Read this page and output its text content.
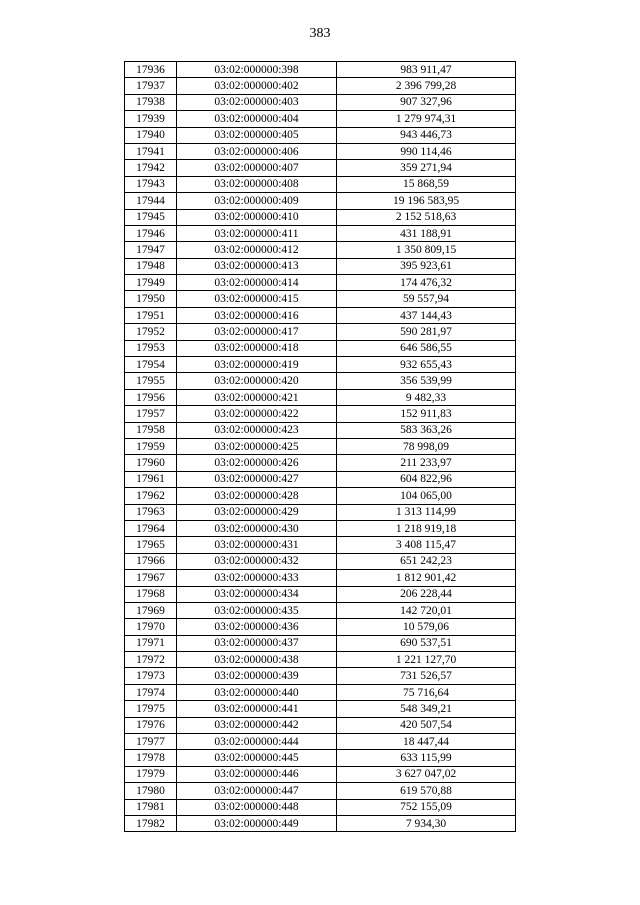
383
17936	03:02:000000:398	983 911,47
17937	03:02:000000:402	2 396 799,28
17938	03:02:000000:403	907 327,96
17939	03:02:000000:404	1 279 974,31
17940	03:02:000000:405	943 446,73
17941	03:02:000000:406	990 114,46
17942	03:02:000000:407	359 271,94
17943	03:02:000000:408	15 868,59
17944	03:02:000000:409	19 196 583,95
17945	03:02:000000:410	2 152 518,63
17946	03:02:000000:411	431 188,91
17947	03:02:000000:412	1 350 809,15
17948	03:02:000000:413	395 923,61
17949	03:02:000000:414	174 476,32
17950	03:02:000000:415	59 557,94
17951	03:02:000000:416	437 144,43
17952	03:02:000000:417	590 281,97
17953	03:02:000000:418	646 586,55
17954	03:02:000000:419	932 655,43
17955	03:02:000000:420	356 539,99
17956	03:02:000000:421	9 482,33
17957	03:02:000000:422	152 911,83
17958	03:02:000000:423	583 363,26
17959	03:02:000000:425	78 998,09
17960	03:02:000000:426	211 233,97
17961	03:02:000000:427	604 822,96
17962	03:02:000000:428	104 065,00
17963	03:02:000000:429	1 313 114,99
17964	03:02:000000:430	1 218 919,18
17965	03:02:000000:431	3 408 115,47
17966	03:02:000000:432	651 242,23
17967	03:02:000000:433	1 812 901,42
17968	03:02:000000:434	206 228,44
17969	03:02:000000:435	142 720,01
17970	03:02:000000:436	10 579,06
17971	03:02:000000:437	690 537,51
17972	03:02:000000:438	1 221 127,70
17973	03:02:000000:439	731 526,57
17974	03:02:000000:440	75 716,64
17975	03:02:000000:441	548 349,21
17976	03:02:000000:442	420 507,54
17977	03:02:000000:444	18 447,44
17978	03:02:000000:445	633 115,99
17979	03:02:000000:446	3 627 047,02
17980	03:02:000000:447	619 570,88
17981	03:02:000000:448	752 155,09
17982	03:02:000000:449	7 934,30
